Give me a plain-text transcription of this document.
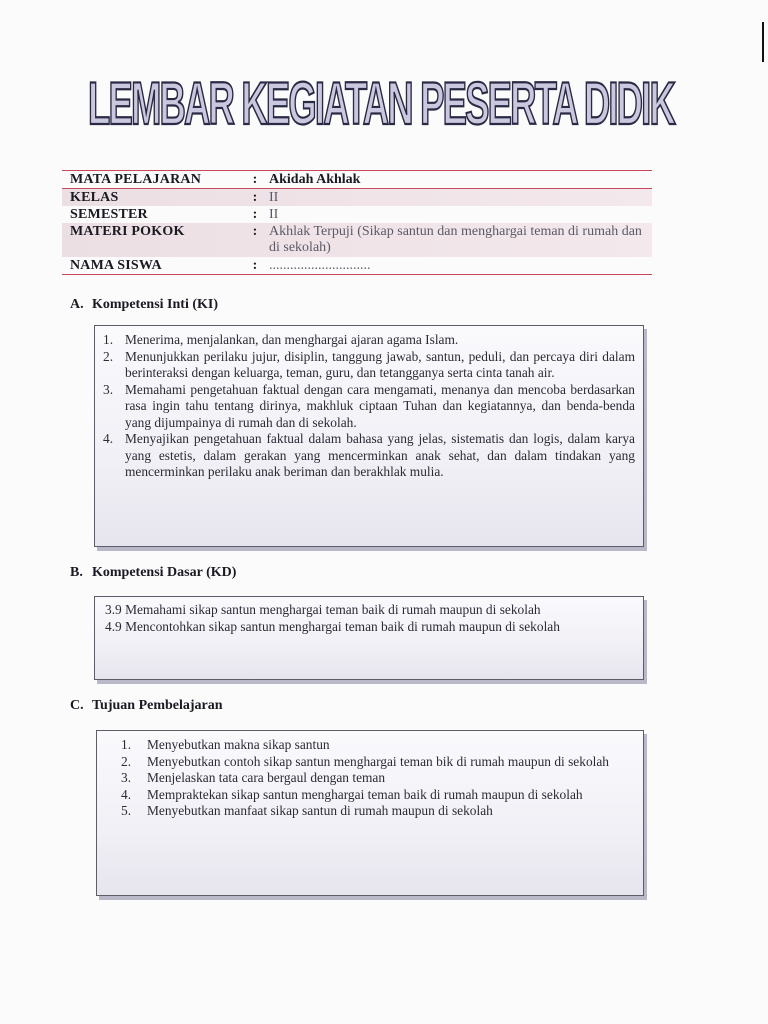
LEMBAR KEGIATAN PESERTA DIDIK
MATA PELAJARAN	: Akidah Akhlak
KELAS	: II
SEMESTER	: II
MATERI POKOK	: Akhlak Terpuji (Sikap santun dan menghargai teman di rumah dan di sekolah)
NAMA SISWA	: .............................
A. Kompetensi Inti (KI)
1. Menerima, menjalankan, dan menghargai ajaran agama Islam.
2. Menunjukkan perilaku jujur, disiplin, tanggung jawab, santun, peduli, dan percaya diri dalam berinteraksi dengan keluarga, teman, guru, dan tetangganya serta cinta tanah air.
3. Memahami pengetahuan faktual dengan cara mengamati, menanya dan mencoba berdasarkan rasa ingin tahu tentang dirinya, makhluk ciptaan Tuhan dan kegiatannya, dan benda-benda yang dijumpainya di rumah dan di sekolah.
4. Menyajikan pengetahuan faktual dalam bahasa yang jelas, sistematis dan logis, dalam karya yang estetis, dalam gerakan yang mencerminkan anak sehat, dan dalam tindakan yang mencerminkan perilaku anak beriman dan berakhlak mulia.
B. Kompetensi Dasar (KD)
3.9 Memahami sikap santun menghargai teman baik di rumah maupun di sekolah
4.9 Mencontohkan sikap santun menghargai teman baik di rumah maupun di sekolah
C. Tujuan Pembelajaran
1.	Menyebutkan makna sikap santun
2.	Menyebutkan contoh sikap santun menghargai teman bik di rumah maupun di sekolah
3.	Menjelaskan tata cara bergaul dengan teman
4.	Mempraktekan sikap santun menghargai teman baik di rumah maupun di sekolah
5.	Menyebutkan manfaat sikap santun di rumah maupun di sekolah
